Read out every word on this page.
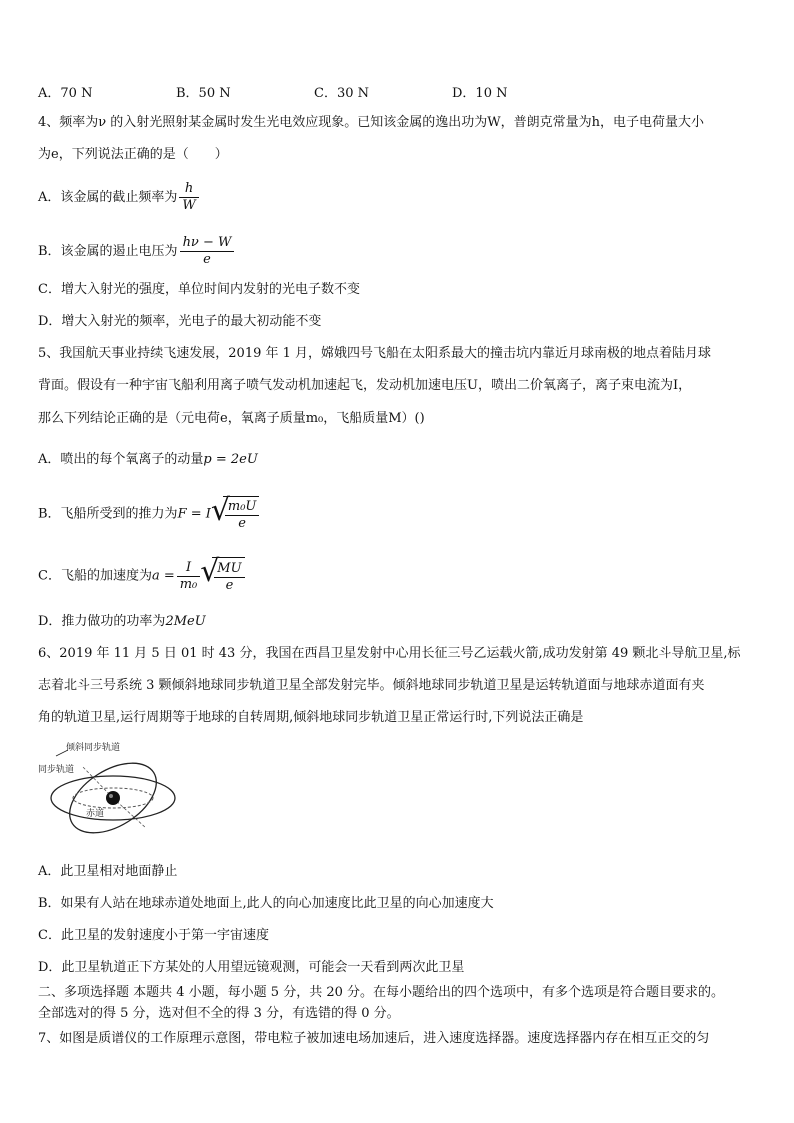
A．70 N	B．50 N	C．30 N	D．10 N
4、频率为ν 的入射光照射某金属时发生光电效应现象。已知该金属的逸出功为W，普朗克常量为h，电子电荷量大小
为e，下列说法正确的是（　　）
A．该金属的截止频率为 $\frac{h}{W}$
B．该金属的遏止电压为 $\frac{h\nu - W}{e}$
C．增大入射光的强度，单位时间内发射的光电子数不变
D．增大入射光的频率，光电子的最大初动能不变
5、我国航天事业持续飞速发展，2019 年 1 月，嫦娥四号飞船在太阳系最大的撞击坑内靠近月球南极的地点着陆月球
背面。假设有一种宇宙飞船利用离子喷气发动机加速起飞，发动机加速电压U，喷出二价氧离子，离子束电流为I，
那么下列结论正确的是（元电荷e，氧离子质量m₀，飞船质量M）()
A．喷出的每个氧离子的动量p = 2eU
B．飞船所受到的推力为F = I √
$\frac{\text{m₀U}}{e}$
C．飞船的加速度为$a = \frac{I}{\text{m₀}}$ √
$\frac{MU}{e}$
D．推力做功的功率为2MeU
6、2019 年 11 月 5 日 01 时 43 分，我国在西昌卫星发射中心用长征三号乙运载火箭,成功发射第 49 颗北斗导航卫星,标
志着北斗三号系统 3 颗倾斜地球同步轨道卫星全部发射完毕。倾斜地球同步轨道卫星是运转轨道面与地球赤道面有夹
角的轨道卫星,运行周期等于地球的自转周期,倾斜地球同步轨道卫星正常运行时,下列说法正确是
倾斜同步轨道
同步轨道
赤道
A．此卫星相对地面静止
B．如果有人站在地球赤道处地面上,此人的向心加速度比此卫星的向心加速度大
C．此卫星的发射速度小于第一宇宙速度
D．此卫星轨道正下方某处的人用望远镜观测，可能会一天看到两次此卫星
二、多项选择题 本题共 4 小题，每小题 5 分，共 20 分。在每小题给出的四个选项中，有多个选项是符合题目要求的。
全部选对的得 5 分，选对但不全的得 3 分，有选错的得 0 分。
7、如图是质谱仪的工作原理示意图，带电粒子被加速电场加速后，进入速度选择器。速度选择器内存在相互正交的匀
